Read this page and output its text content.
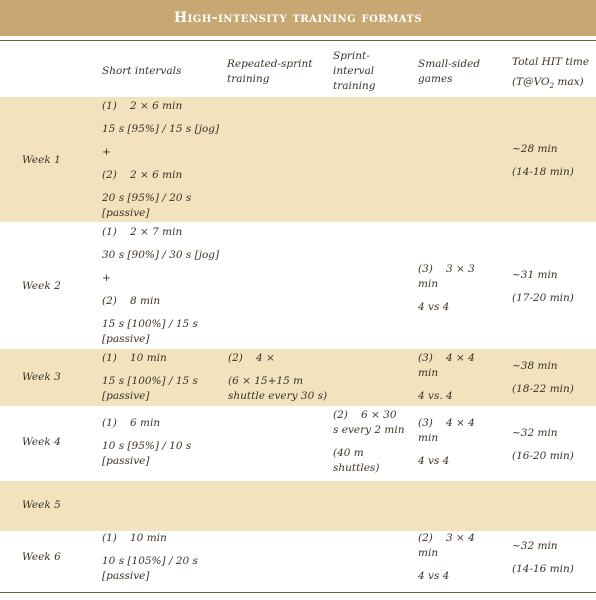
High-intensity training formats
Short intervals
Repeated-sprint training
Sprint-interval training
Small-sided games
Total HIT time
($T@VO_2$ max)
Week 1

(1) 2 × 6 min

15 s [95%] / 15 s [jog]

+

(2) 2 × 6 min

20 s [95%] / 20 s

[passive]

~28 min

(14-18 min)

Week 2

(1) 2 × 7 min

30 s [90%] / 30 s [jog]

+

(2) 8 min

15 s [100%] / 15 s

[passive]

(3) 3 × 3

min

4 vs 4

~31 min

(17-20 min)

Week 3

(1) 10 min

15 s [100%] / 15 s

[passive]

(2) 4 ×

(6 × 15+15 m

shuttle every 30 s)

(3) 4 × 4

min

4 vs. 4

~38 min

(18-22 min)

Week 4

(1) 6 min

10 s [95%] / 10 s

[passive]

(2) 6 × 30

s every 2 min

(40 m

shuttles)

(3) 4 × 4

min

4 vs 4

~32 min

(16-20 min)

Week 5
Week 6

(1) 10 min

10 s [105%] / 20 s

[passive]

(2) 3 × 4

min

4 vs 4

~32 min

(14-16 min)
